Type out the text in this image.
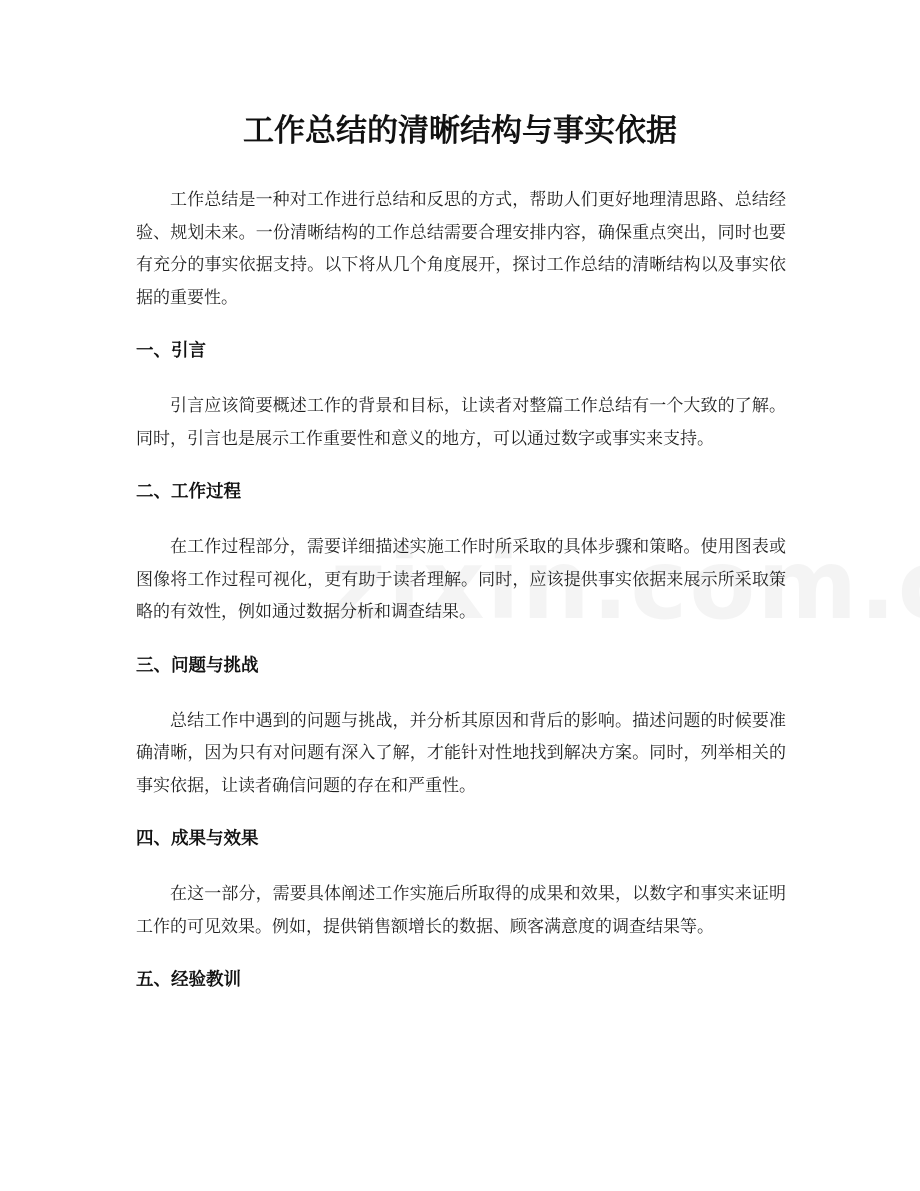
工作总结的清晰结构与事实依据

工作总结是一种对工作进行总结和反思的方式，帮助人们更好地理清思路、总结经验、规划未来。一份清晰结构的工作总结需要合理安排内容，确保重点突出，同时也要有充分的事实依据支持。以下将从几个角度展开，探讨工作总结的清晰结构以及事实依据的重要性。

一、引言

引言应该简要概述工作的背景和目标，让读者对整篇工作总结有一个大致的了解。同时，引言也是展示工作重要性和意义的地方，可以通过数字或事实来支持。

二、工作过程

在工作过程部分，需要详细描述实施工作时所采取的具体步骤和策略。使用图表或图像将工作过程可视化，更有助于读者理解。同时，应该提供事实依据来展示所采取策略的有效性，例如通过数据分析和调查结果。

三、问题与挑战

总结工作中遇到的问题与挑战，并分析其原因和背后的影响。描述问题的时候要准确清晰，因为只有对问题有深入了解，才能针对性地找到解决方案。同时，列举相关的事实依据，让读者确信问题的存在和严重性。

四、成果与效果

在这一部分，需要具体阐述工作实施后所取得的成果和效果，以数字和事实来证明工作的可见效果。例如，提供销售额增长的数据、顾客满意度的调查结果等。

五、经验教训
